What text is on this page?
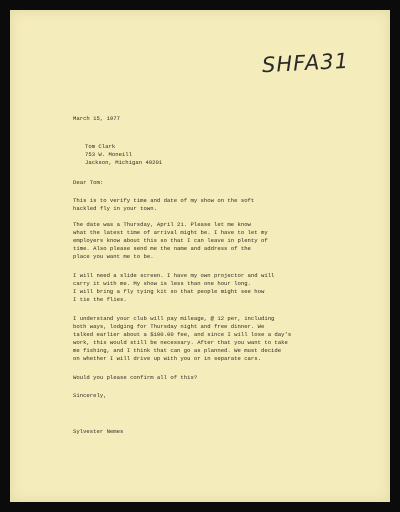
SHFA31
March 15, 1977
Tom Clark
753 W. Moneill
Jackson, Michigan 49201
Dear Tom:
This is to verify time and date of my show on the soft
hackled fly in your town.
The date was a Thursday, April 21. Please let me know
what the latest time of arrival might be. I have to let my
employers know about this so that I can leave in plenty of
time. Also please send me the name and address of the
place you want me to be.
I will need a slide screen. I have my own projector and will
carry it with me. My show is less than one hour long.
I will bring a fly tying kit so that people might see how
I tie the flies.
I understand your club will pay mileage, @ 12 per, including
both ways, lodging for Thursday night and free dinner. We
talked earlier about a $100.00 fee, and since I will lose a day's
work, this would still be necessary. After that you want to take
me fishing, and I think that can go as planned. We must decide
on whether I will drive up with you or in separate cars.
Would you please confirm all of this?
Sincerely,
Sylvester Nemes
